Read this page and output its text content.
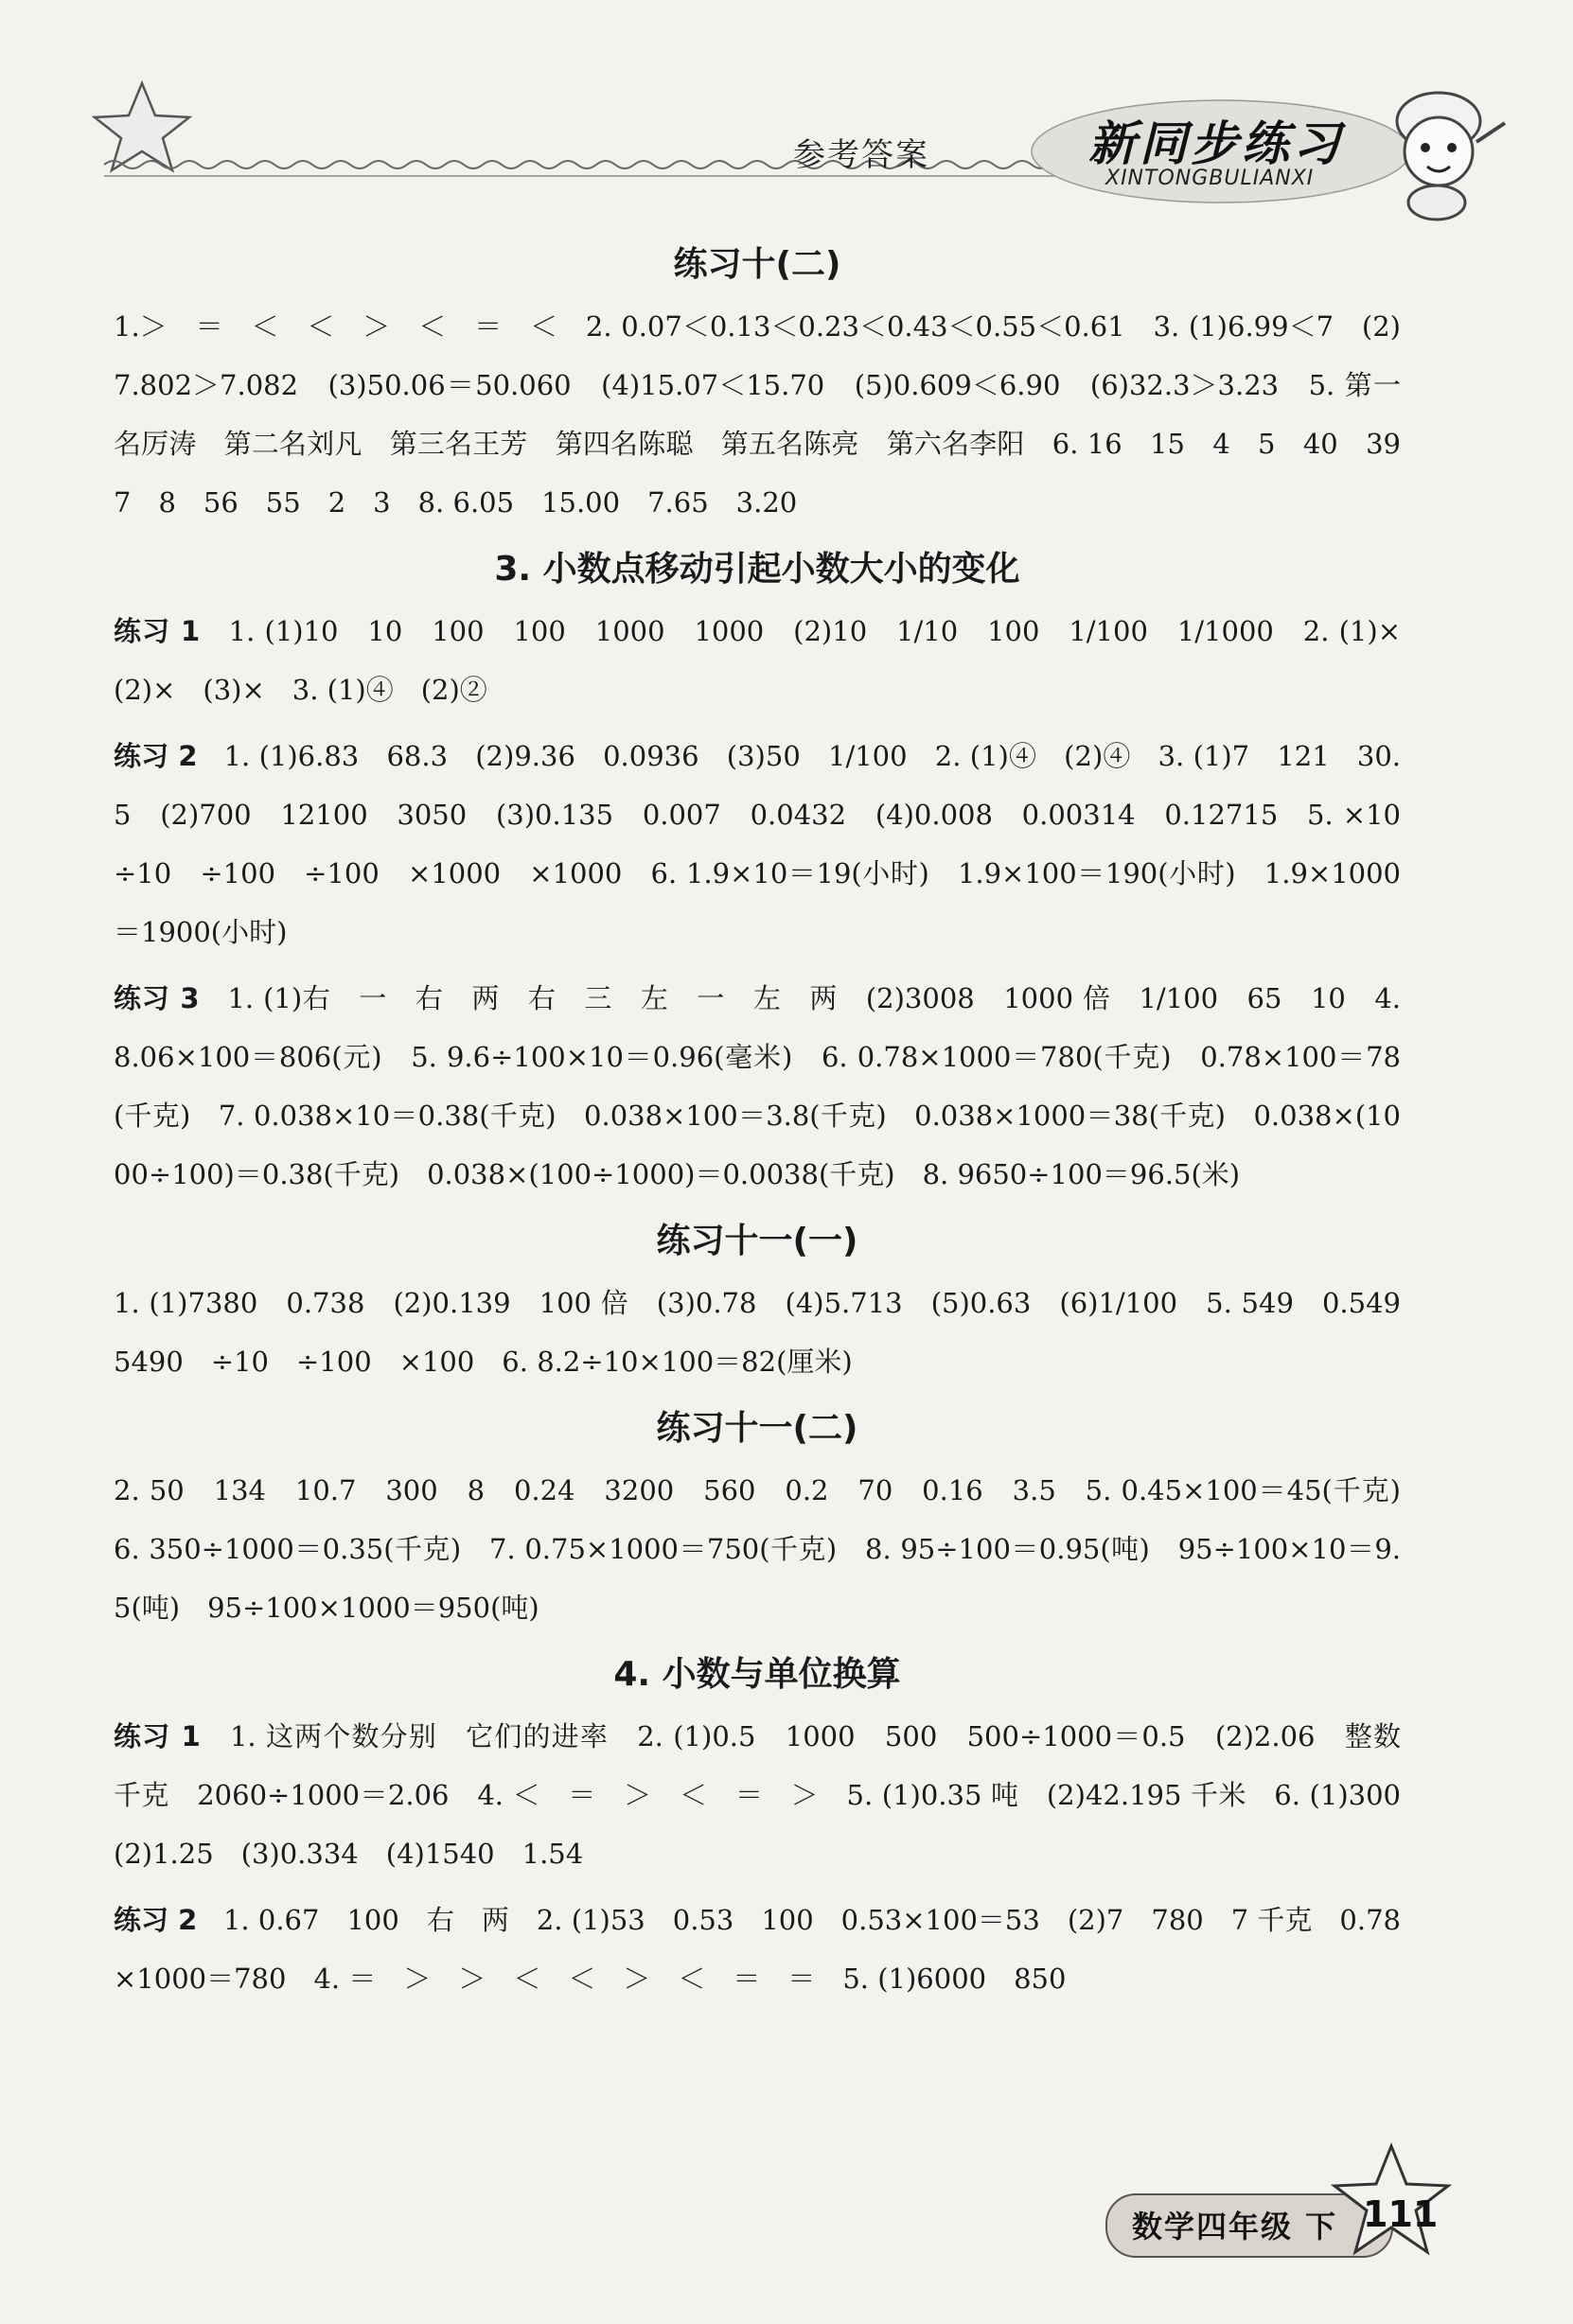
参考答案	新同步练习
XINTONGBULIANXI
练习十(二)

1.＞　＝　＜　＜　＞　＜　＝　＜　2. 0.07＜0.13＜0.23＜0.43＜0.55＜0.61　3. (1)6.99＜7　(2)7.802＞7.082　(3)50.06＝50.060　(4)15.07＜15.70　(5)0.609＜6.90　(6)32.3＞3.23　5. 第一名厉涛　第二名刘凡　第三名王芳　第四名陈聪　第五名陈亮　第六名李阳　6. 16　15　4　5　40　39　7　8　56　55　2　3　8. 6.05　15.00　7.65　3.20

3. 小数点移动引起小数大小的变化

练习 1 1. (1)10　10　100　100　1000　1000　(2)10　1/10　100　1/100　1/1000　2. (1)×　(2)×　(3)×　3. (1)④　(2)②

练习 2 1. (1)6.83　68.3　(2)9.36　0.0936　(3)50　1/100　2. (1)④　(2)④　3. (1)7　121　30.5　(2)700　12100　3050　(3)0.135　0.007　0.0432　(4)0.008　0.00314　0.12715　5. ×10　÷10　÷100　÷100　×1000　×1000　6. 1.9×10＝19(小时)　1.9×100＝190(小时)　1.9×1000＝1900(小时)

练习 3 1. (1)右　一　右　两　右　三　左　一　左　两　(2)3008　1000 倍　1/100　65　10　4. 8.06×100＝806(元)　5. 9.6÷100×10＝0.96(毫米)　6. 0.78×1000＝780(千克)　0.78×100＝78(千克)　7. 0.038×10＝0.38(千克)　0.038×100＝3.8(千克)　0.038×1000＝38(千克)　0.038×(1000÷100)＝0.38(千克)　0.038×(100÷1000)＝0.0038(千克)　8. 9650÷100＝96.5(米)

练习十一(一)

1. (1)7380　0.738　(2)0.139　100 倍　(3)0.78　(4)5.713　(5)0.63　(6)1/100　5. 549　0.549　5490　÷10　÷100　×100　6. 8.2÷10×100＝82(厘米)

练习十一(二)

2. 50　134　10.7　300　8　0.24　3200　560　0.2　70　0.16　3.5　5. 0.45×100＝45(千克)　6. 350÷1000＝0.35(千克)　7. 0.75×1000＝750(千克)　8. 95÷100＝0.95(吨)　95÷100×10＝9.5(吨)　95÷100×1000＝950(吨)

4. 小数与单位换算

练习 1 1. 这两个数分别　它们的进率　2. (1)0.5　1000　500　500÷1000＝0.5　(2)2.06　整数　千克　2060÷1000＝2.06　4. ＜　＝　＞　＜　＝　＞　5. (1)0.35 吨　(2)42.195 千米　6. (1)300　(2)1.25　(3)0.334　(4)1540　1.54

练习 2 1. 0.67　100　右　两　2. (1)53　0.53　100　0.53×100＝53　(2)7　780　7 千克　0.78×1000＝780　4. ＝　＞　＞　＜　＜　＞　＜　＝　＝　5. (1)6000　850

数学四年级 下 111
